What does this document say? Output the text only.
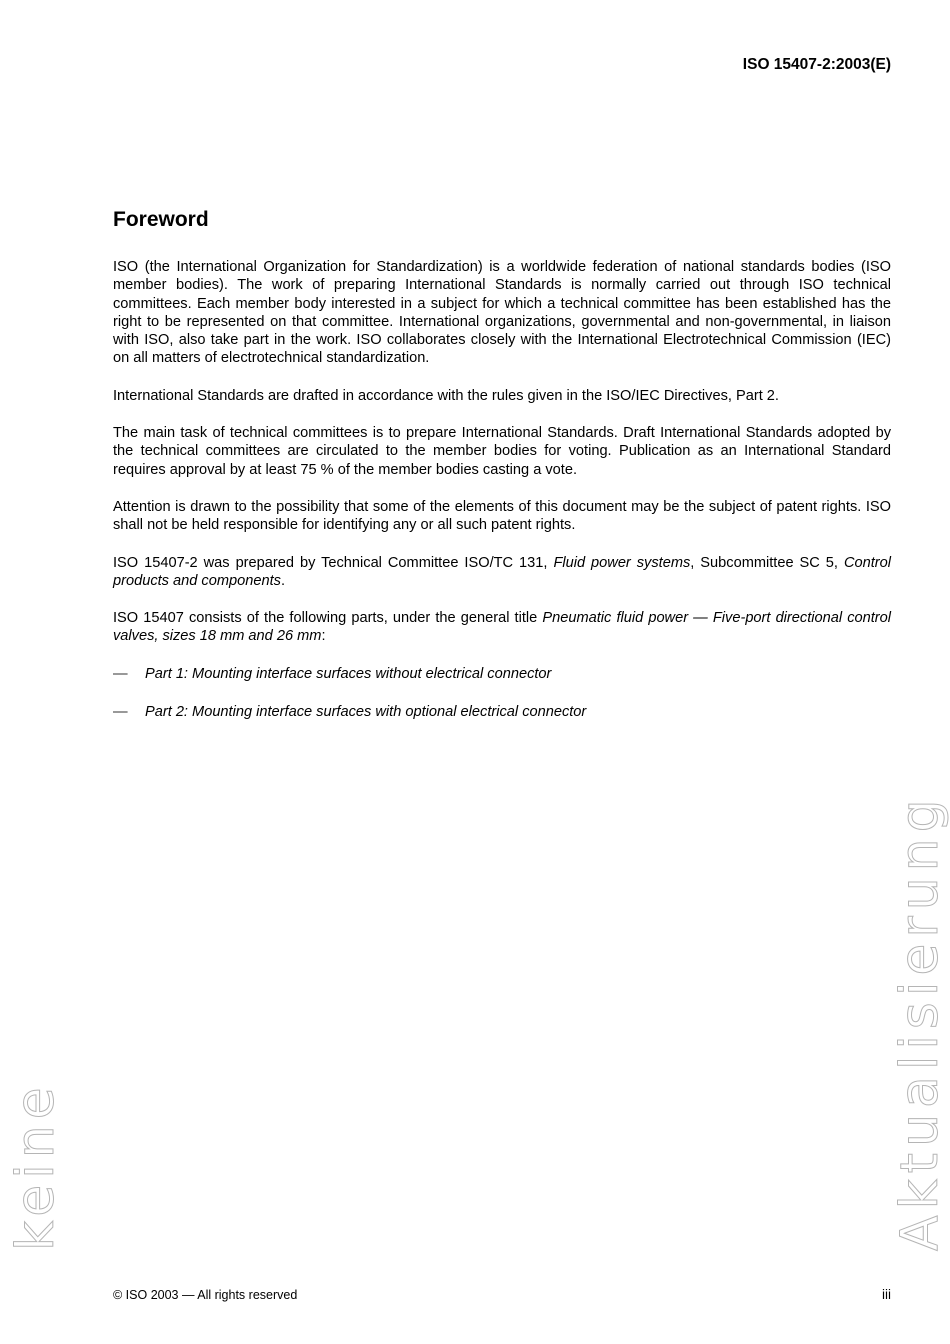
ISO 15407-2:2003(E)
Foreword

ISO (the International Organization for Standardization) is a worldwide federation of national standards bodies (ISO member bodies). The work of preparing International Standards is normally carried out through ISO technical committees. Each member body interested in a subject for which a technical committee has been established has the right to be represented on that committee. International organizations, governmental and non-governmental, in liaison with ISO, also take part in the work. ISO collaborates closely with the International Electrotechnical Commission (IEC) on all matters of electrotechnical standardization.

International Standards are drafted in accordance with the rules given in the ISO/IEC Directives, Part 2.

The main task of technical committees is to prepare International Standards. Draft International Standards adopted by the technical committees are circulated to the member bodies for voting. Publication as an International Standard requires approval by at least 75 % of the member bodies casting a vote.

Attention is drawn to the possibility that some of the elements of this document may be the subject of patent rights. ISO shall not be held responsible for identifying any or all such patent rights.

ISO 15407-2 was prepared by Technical Committee ISO/TC 131, Fluid power systems, Subcommittee SC 5, Control products and components.

ISO 15407 consists of the following parts, under the general title Pneumatic fluid power — Five-port directional control valves, sizes 18 mm and 26 mm:

— Part 1: Mounting interface surfaces without electrical connector
— Part 2: Mounting interface surfaces with optional electrical connector
keine	Aktualisierung
© ISO 2003 — All rights reserved	iii
